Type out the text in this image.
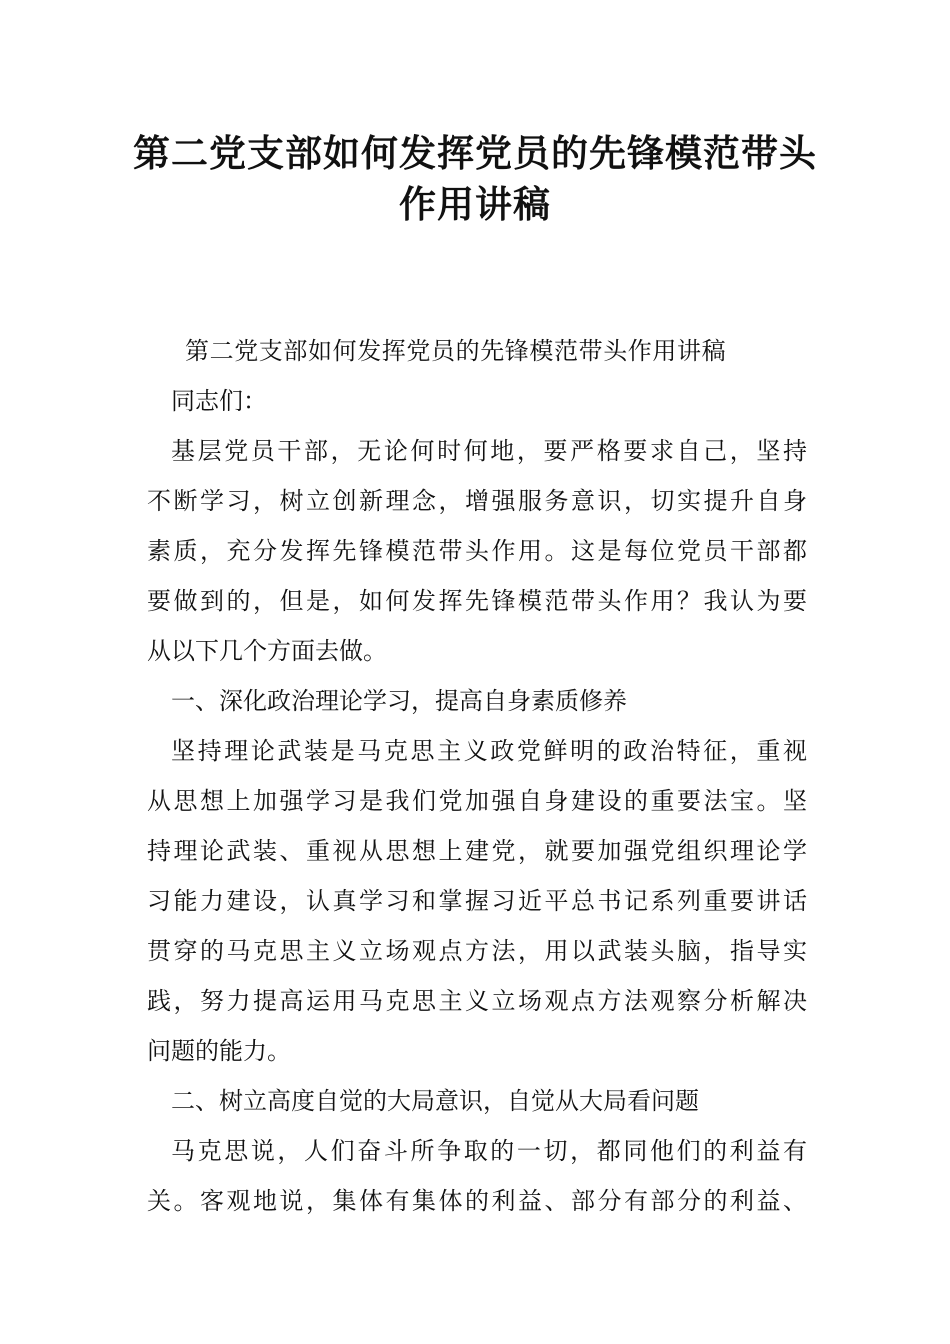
第二党支部如何发挥党员的先锋模范带头
作用讲稿
第二党支部如何发挥党员的先锋模范带头作用讲稿
同志们：
基层党员干部，无论何时何地，要严格要求自己，坚持
不断学习，树立创新理念，增强服务意识，切实提升自身
素质，充分发挥先锋模范带头作用。这是每位党员干部都
要做到的，但是，如何发挥先锋模范带头作用？我认为要
从以下几个方面去做。
一、深化政治理论学习，提高自身素质修养
坚持理论武装是马克思主义政党鲜明的政治特征，重视
从思想上加强学习是我们党加强自身建设的重要法宝。坚
持理论武装、重视从思想上建党，就要加强党组织理论学
习能力建设，认真学习和掌握习近平总书记系列重要讲话
贯穿的马克思主义立场观点方法，用以武装头脑，指导实
践，努力提高运用马克思主义立场观点方法观察分析解决
问题的能力。
二、树立高度自觉的大局意识，自觉从大局看问题
马克思说，人们奋斗所争取的一切，都同他们的利益有
关。客观地说，集体有集体的利益、部分有部分的利益、
